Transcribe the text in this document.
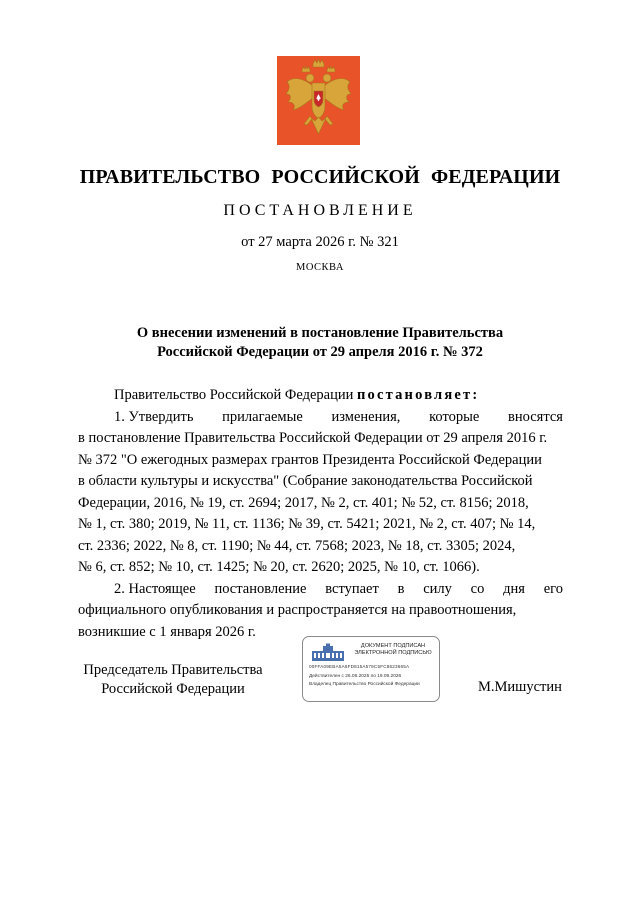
ПРАВИТЕЛЬСТВО РОССИЙСКОЙ ФЕДЕРАЦИИ
ПОСТАНОВЛЕНИЕ
от 27 марта 2026 г. № 321
МОСКВА
О внесении изменений в постановление Правительства
Российской Федерации от 29 апреля 2016 г. № 372
Правительство Российской Федерации постановляет:
1. Утвердить прилагаемые изменения, которые вносятся
в постановление Правительства Российской Федерации от 29 апреля 2016 г.
№ 372 "О ежегодных размерах грантов Президента Российской Федерации
в области культуры и искусства" (Собрание законодательства Российской
Федерации, 2016, № 19, ст. 2694; 2017, № 2, ст. 401; № 52, ст. 8156; 2018,
№ 1, ст. 380; 2019, № 11, ст. 1136; № 39, ст. 5421; 2021, № 2, ст. 407; № 14,
ст. 2336; 2022, № 8, ст. 1190; № 44, ст. 7568; 2023, № 18, ст. 3305; 2024,
№ 6, ст. 852; № 10, ст. 1425; № 20, ст. 2620; 2025, № 10, ст. 1066).
2. Настоящее постановление вступает в силу со дня его
официального опубликования и распространяется на правоотношения,
возникшие с 1 января 2026 г.
Председатель Правительства
Российской Федерации
ДОКУМЕНТ ПОДПИСАН
ЭЛЕКТРОННОЙ ПОДПИСЬЮ
00FFA09EBA5A6FD815A579C5FC8623665A
Действителен с 26.06.2025 по 19.09.2026
Владелец Правительство Российской Федерации	М.Мишустин
